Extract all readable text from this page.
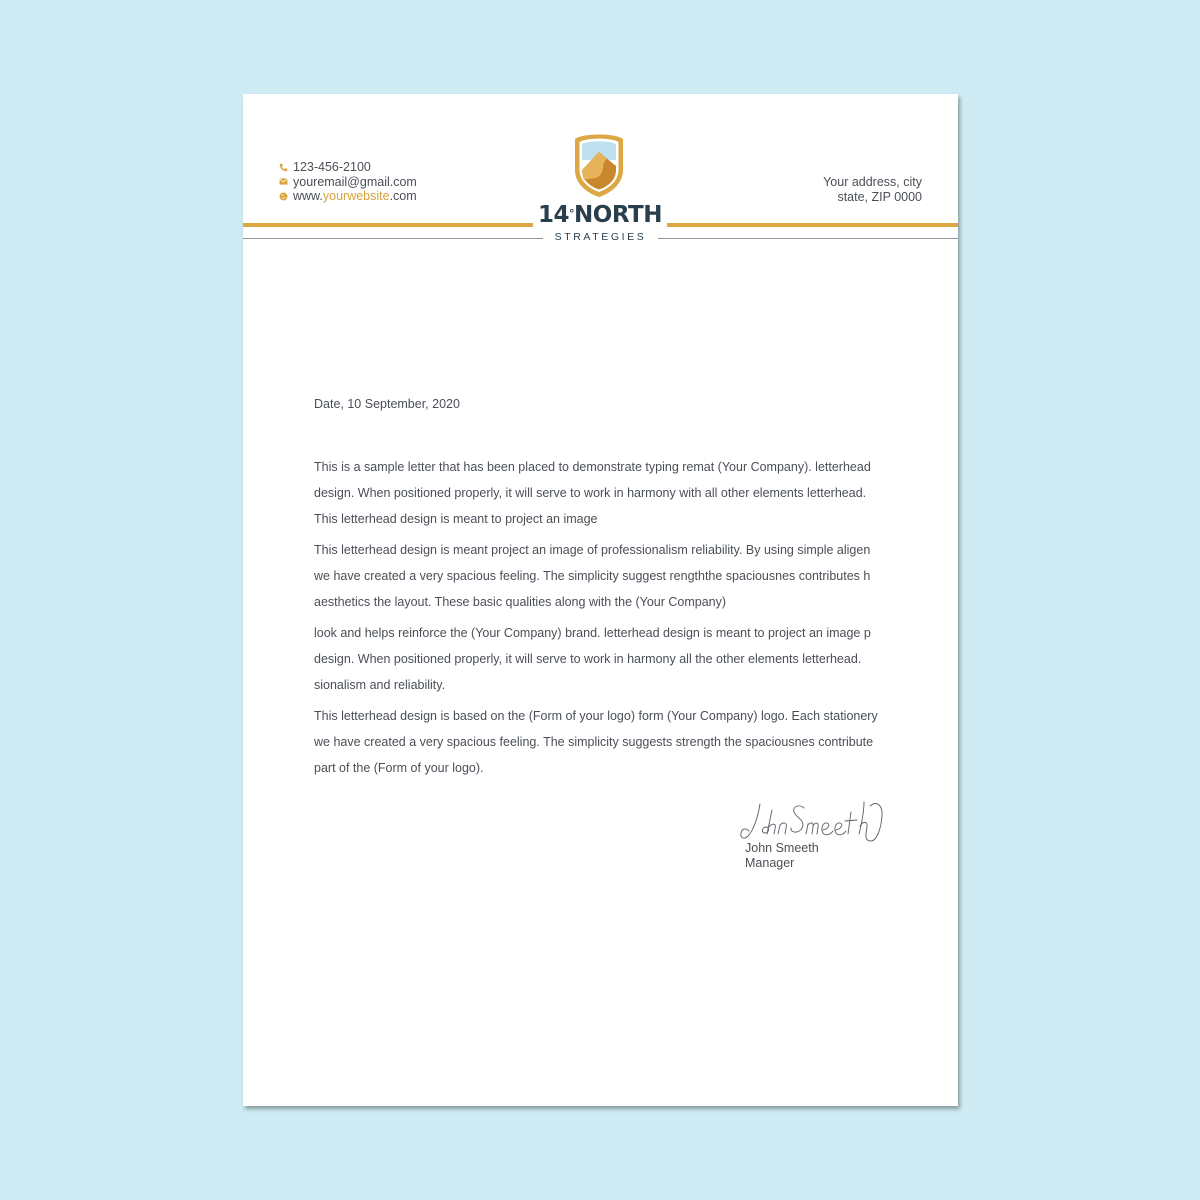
123-456-2100
youremail@gmail.com
www.yourwebsite.com
Your address, city
state, ZIP 0000
14°NORTH
STRATEGIES
Date, 10 September, 2020
This is a sample letter that has been placed to demonstrate typing remat (Your Company). letterhead
design. When positioned properly, it will serve to work in harmony with all other elements letterhead.
This letterhead design is meant to project an image
This letterhead design is meant project an image of professionalism reliability. By using simple aligen
we have created a very spacious feeling. The simplicity suggest rengththe spaciousnes contributes h
aesthetics the layout. These basic qualities along with the (Your Company)
look and helps reinforce the (Your Company) brand. letterhead design is meant to project an image p
design. When positioned properly, it will serve to work in harmony all the other elements letterhead.
sionalism and reliability.
This letterhead design is based on the (Form of your logo) form (Your Company) logo. Each stationery
we have created a very spacious feeling. The simplicity suggests strength the spaciousnes contribute
part of the (Form of your logo).
John Smeeth
Manager
